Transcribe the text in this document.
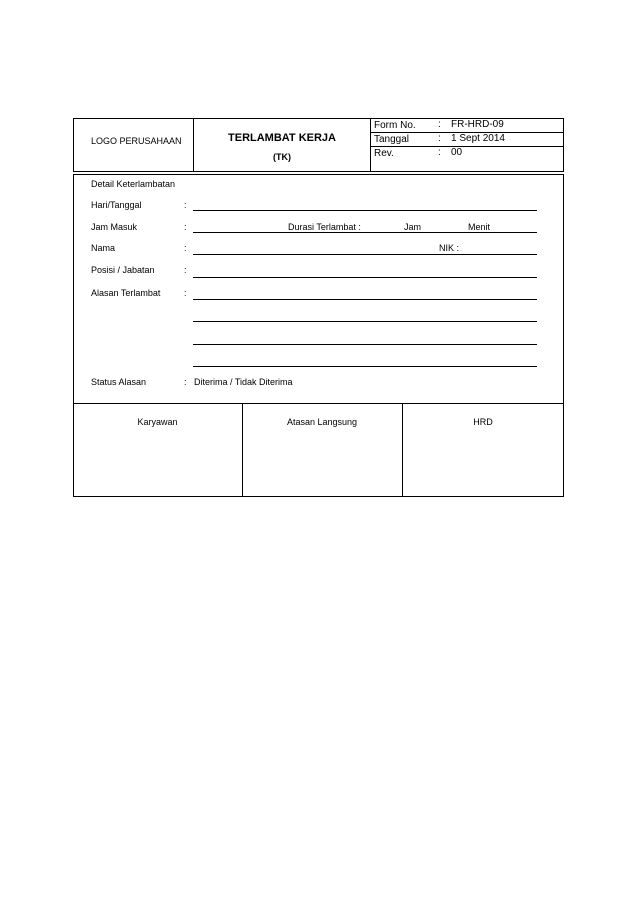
LOGO PERUSAHAAN	TERLAMBAT KERJA
(TK)
Form No. : FR-HRD-09
Tanggal	: 1 Sept 2014
Rev.	: 00
Detail Keterlambatan
Hari/Tanggal	:
Jam Masuk	:	Durasi Terlambat :	Jam	Menit
Nama	:	NIK :
Posisi / Jabatan	:
Alasan Terlambat	:
Status Alasan	: Diterima / Tidak Diterima
Karyawan	Atasan Langsung	HRD
